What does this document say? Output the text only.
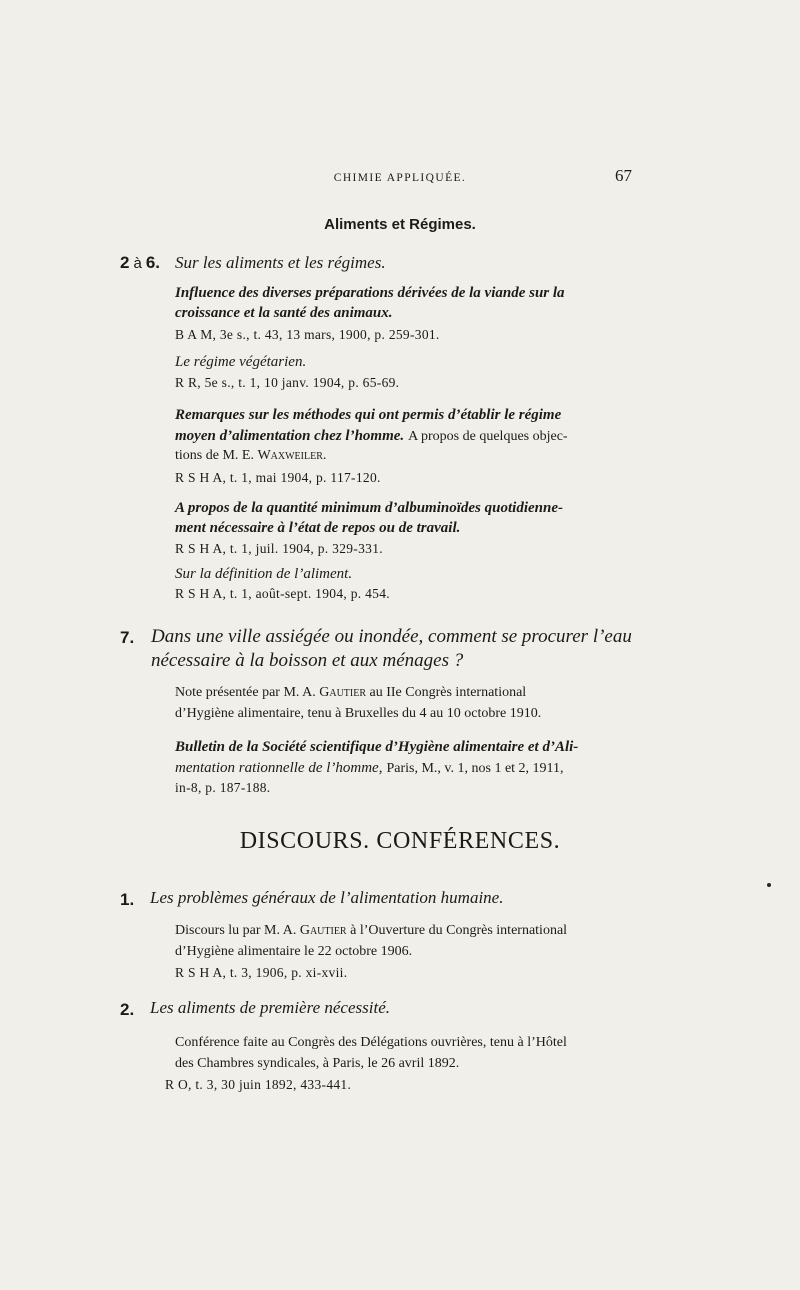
CHIMIE APPLIQUÉE.	67
Aliments et Régimes.
2 à 6. Sur les aliments et les régimes.
Influence des diverses préparations dérivées de la viande sur la
croissance et la santé des animaux.
B A M, 3e s., t. 43, 13 mars, 1900, p. 259-301.
Le régime végétarien.
R R, 5e s., t. 1, 10 janv. 1904, p. 65-69.
Remarques sur les méthodes qui ont permis d’établir le régime
moyen d’alimentation chez l’homme. A propos de quelques objec-
tions de M. E. Waxweiler.
R S H A, t. 1, mai 1904, p. 117-120.
A propos de la quantité minimum d’albuminoïdes quotidienne-
ment nécessaire à l’état de repos ou de travail.
R S H A, t. 1, juil. 1904, p. 329-331.
Sur la définition de l’aliment.
R S H A, t. 1, août-sept. 1904, p. 454.
7. Dans une ville assiégée ou inondée, comment se procurer l’eau
nécessaire à la boisson et aux ménages ?
Note présentée par M. A. Gautier au IIe Congrès international
d’Hygiène alimentaire, tenu à Bruxelles du 4 au 10 octobre 1910.
Bulletin de la Société scientifique d’Hygiène alimentaire et d’Ali-
mentation rationnelle de l’homme, Paris, M., v. 1, nos 1 et 2, 1911,
in-8, p. 187-188.
DISCOURS. CONFÉRENCES.
1. Les problèmes généraux de l’alimentation humaine.
Discours lu par M. A. Gautier à l’Ouverture du Congrès international
d’Hygiène alimentaire le 22 octobre 1906.
R S H A, t. 3, 1906, p. xi-xvii.
2. Les aliments de première nécessité.
Conférence faite au Congrès des Délégations ouvrières, tenu à l’Hôtel
des Chambres syndicales, à Paris, le 26 avril 1892.
R O, t. 3, 30 juin 1892, 433-441.
